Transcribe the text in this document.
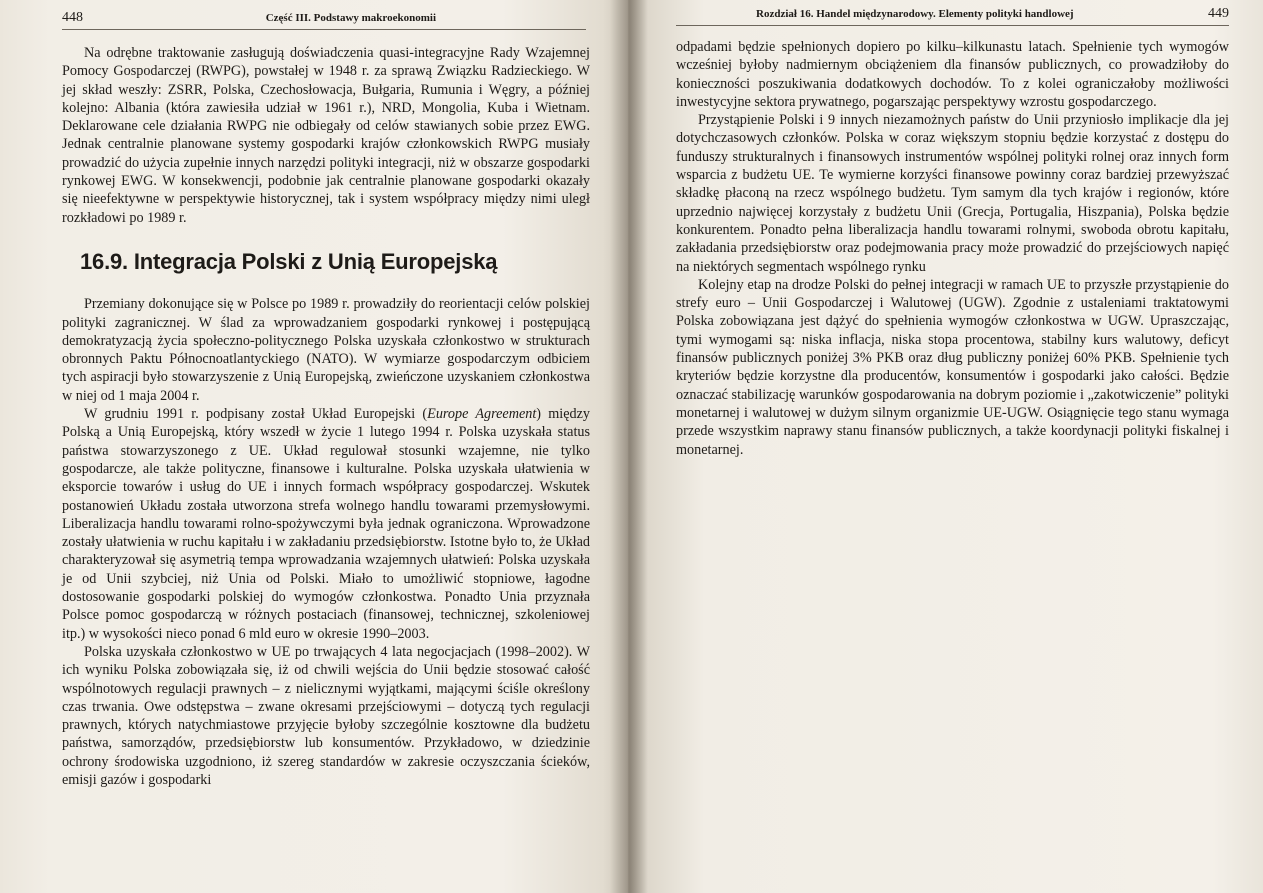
448	Część III. Podstawy makroekonomii

Na odrębne traktowanie zasługują doświadczenia quasi-integracyjne Rady Wzajemnej Pomocy Gospodarczej (RWPG), powstałej w 1948 r. za sprawą Związku Radzieckiego. W jej skład weszły: ZSRR, Polska, Czechosłowacja, Bułgaria, Rumunia i Węgry, a później kolejno: Albania (która zawiesiła udział w 1961 r.), NRD, Mongolia, Kuba i Wietnam. Deklarowane cele działania RWPG nie odbiegały od celów stawianych sobie przez EWG. Jednak centralnie planowane systemy gospodarki krajów członkowskich RWPG musiały prowadzić do użycia zupełnie innych narzędzi polityki integracji, niż w obszarze gospodarki rynkowej EWG. W konsekwencji, podobnie jak centralnie planowane gospodarki okazały się nieefektywne w perspektywie historycznej, tak i system współpracy między nimi uległ rozkładowi po 1989 r.

16.9. Integracja Polski z Unią Europejską

Przemiany dokonujące się w Polsce po 1989 r. prowadziły do reorientacji celów polskiej polityki zagranicznej. W ślad za wprowadzaniem gospodarki rynkowej i postępującą demokratyzacją życia społeczno-politycznego Polska uzyskała członkostwo w strukturach obronnych Paktu Północnoatlantyckiego (NATO). W wymiarze gospodarczym odbiciem tych aspiracji było stowarzyszenie z Unią Europejską, zwieńczone uzyskaniem członkostwa w niej od 1 maja 2004 r.

W grudniu 1991 r. podpisany został Układ Europejski (Europe Agreement) między Polską a Unią Europejską, który wszedł w życie 1 lutego 1994 r. Polska uzyskała status państwa stowarzyszonego z UE. Układ regulował stosunki wzajemne, nie tylko gospodarcze, ale także polityczne, finansowe i kulturalne. Polska uzyskała ułatwienia w eksporcie towarów i usług do UE i innych formach współpracy gospodarczej. Wskutek postanowień Układu została utworzona strefa wolnego handlu towarami przemysłowymi. Liberalizacja handlu towarami rolno-spożywczymi była jednak ograniczona. Wprowadzone zostały ułatwienia w ruchu kapitału i w zakładaniu przedsiębiorstw. Istotne było to, że Układ charakteryzował się asymetrią tempa wprowadzania wzajemnych ułatwień: Polska uzyskała je od Unii szybciej, niż Unia od Polski. Miało to umożliwić stopniowe, łagodne dostosowanie gospodarki polskiej do wymogów członkostwa. Ponadto Unia przyznała Polsce pomoc gospodarczą w różnych postaciach (finansowej, technicznej, szkoleniowej itp.) w wysokości nieco ponad 6 mld euro w okresie 1990–2003.

Polska uzyskała członkostwo w UE po trwających 4 lata negocjacjach (1998–2002). W ich wyniku Polska zobowiązała się, iż od chwili wejścia do Unii będzie stosować całość wspólnotowych regulacji prawnych – z nielicznymi wyjątkami, mającymi ściśle określony czas trwania. Owe odstępstwa – zwane okresami przejściowymi – dotyczą tych regulacji prawnych, których natychmiastowe przyjęcie byłoby szczególnie kosztowne dla budżetu państwa, samorządów, przedsiębiorstw lub konsumentów. Przykładowo, w dziedzinie ochrony środowiska uzgodniono, iż szereg standardów w zakresie oczyszczania ścieków, emisji gazów i gospodarki

Rozdział 16. Handel międzynarodowy. Elementy polityki handlowej	449

odpadami będzie spełnionych dopiero po kilku–kilkunastu latach. Spełnienie tych wymogów wcześniej byłoby nadmiernym obciążeniem dla finansów publicznych, co prowadziłoby do konieczności poszukiwania dodatkowych dochodów. To z kolei ograniczałoby możliwości inwestycyjne sektora prywatnego, pogarszając perspektywy wzrostu gospodarczego.

Przystąpienie Polski i 9 innych niezamożnych państw do Unii przyniosło implikacje dla jej dotychczasowych członków. Polska w coraz większym stopniu będzie korzystać z dostępu do funduszy strukturalnych i finansowych instrumentów wspólnej polityki rolnej oraz innych form wsparcia z budżetu UE. Te wymierne korzyści finansowe powinny coraz bardziej przewyższać składkę płaconą na rzecz wspólnego budżetu. Tym samym dla tych krajów i regionów, które uprzednio najwięcej korzystały z budżetu Unii (Grecja, Portugalia, Hiszpania), Polska będzie konkurentem. Ponadto pełna liberalizacja handlu towarami rolnymi, swoboda obrotu kapitału, zakładania przedsiębiorstw oraz podejmowania pracy może prowadzić do przejściowych napięć na niektórych segmentach wspólnego rynku

Kolejny etap na drodze Polski do pełnej integracji w ramach UE to przyszłe przystąpienie do strefy euro – Unii Gospodarczej i Walutowej (UGW). Zgodnie z ustaleniami traktatowymi Polska zobowiązana jest dążyć do spełnienia wymogów członkostwa w UGW. Upraszczając, tymi wymogami są: niska inflacja, niska stopa procentowa, stabilny kurs walutowy, deficyt finansów publicznych poniżej 3% PKB oraz dług publiczny poniżej 60% PKB. Spełnienie tych kryteriów będzie korzystne dla producentów, konsumentów i gospodarki jako całości. Będzie oznaczać stabilizację warunków gospodarowania na dobrym poziomie i „zakotwiczenie” polityki monetarnej i walutowej w dużym silnym organizmie UE-UGW. Osiągnięcie tego stanu wymaga przede wszystkim naprawy stanu finansów publicznych, a także koordynacji polityki fiskalnej i monetarnej.
